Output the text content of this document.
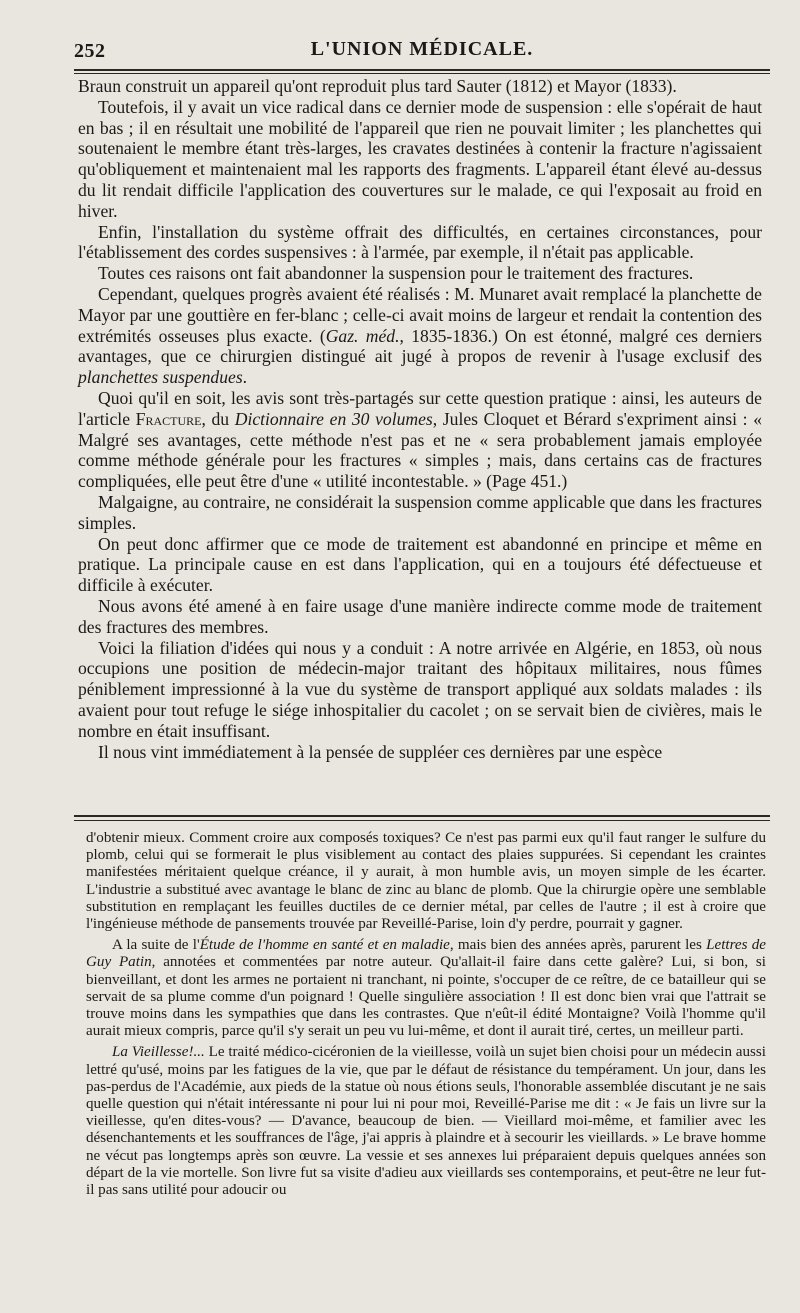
252	L'UNION MÉDICALE.

Braun construit un appareil qu'ont reproduit plus tard Sauter (1812) et Mayor (1833).

Toutefois, il y avait un vice radical dans ce dernier mode de suspension : elle s'opérait de haut en bas ; il en résultait une mobilité de l'appareil que rien ne pouvait limiter ; les planchettes qui soutenaient le membre étant très-larges, les cravates destinées à contenir la fracture n'agissaient qu'obliquement et maintenaient mal les rapports des fragments. L'appareil étant élevé au-dessus du lit rendait difficile l'application des couvertures sur le malade, ce qui l'exposait au froid en hiver.

Enfin, l'installation du système offrait des difficultés, en certaines circonstances, pour l'établissement des cordes suspensives : à l'armée, par exemple, il n'était pas applicable.

Toutes ces raisons ont fait abandonner la suspension pour le traitement des fractures.

Cependant, quelques progrès avaient été réalisés : M. Munaret avait remplacé la planchette de Mayor par une gouttière en fer-blanc ; celle-ci avait moins de largeur et rendait la contention des extrémités osseuses plus exacte. (Gaz. méd., 1835-1836.) On est étonné, malgré ces derniers avantages, que ce chirurgien distingué ait jugé à propos de revenir à l'usage exclusif des planchettes suspendues.

Quoi qu'il en soit, les avis sont très-partagés sur cette question pratique : ainsi, les auteurs de l'article Fracture, du Dictionnaire en 30 volumes, Jules Cloquet et Bérard s'expriment ainsi : « Malgré ses avantages, cette méthode n'est pas et ne « sera probablement jamais employée comme méthode générale pour les fractures « simples ; mais, dans certains cas de fractures compliquées, elle peut être d'une « utilité incontestable. » (Page 451.)

Malgaigne, au contraire, ne considérait la suspension comme applicable que dans les fractures simples.

On peut donc affirmer que ce mode de traitement est abandonné en principe et même en pratique. La principale cause en est dans l'application, qui en a toujours été défectueuse et difficile à exécuter.

Nous avons été amené à en faire usage d'une manière indirecte comme mode de traitement des fractures des membres.

Voici la filiation d'idées qui nous y a conduit : A notre arrivée en Algérie, en 1853, où nous occupions une position de médecin-major traitant des hôpitaux militaires, nous fûmes péniblement impressionné à la vue du système de transport appliqué aux soldats malades : ils avaient pour tout refuge le siége inhospitalier du cacolet ; on se servait bien de civières, mais le nombre en était insuffisant.

Il nous vint immédiatement à la pensée de suppléer ces dernières par une espèce

d'obtenir mieux. Comment croire aux composés toxiques? Ce n'est pas parmi eux qu'il faut ranger le sulfure du plomb, celui qui se formerait le plus visiblement au contact des plaies suppurées. Si cependant les craintes manifestées méritaient quelque créance, il y aurait, à mon humble avis, un moyen simple de les écarter. L'industrie a substitué avec avantage le blanc de zinc au blanc de plomb. Que la chirurgie opère une semblable substitution en remplaçant les feuilles ductiles de ce dernier métal, par celles de l'autre ; il est à croire que l'ingénieuse méthode de pansements trouvée par Reveillé-Parise, loin d'y perdre, pourrait y gagner.

A la suite de l'Étude de l'homme en santé et en maladie, mais bien des années après, parurent les Lettres de Guy Patin, annotées et commentées par notre auteur. Qu'allait-il faire dans cette galère? Lui, si bon, si bienveillant, et dont les armes ne portaient ni tranchant, ni pointe, s'occuper de ce reître, de ce batailleur qui se servait de sa plume comme d'un poignard ! Quelle singulière association ! Il est donc bien vrai que l'attrait se trouve moins dans les sympathies que dans les contrastes. Que n'eût-il édité Montaigne? Voilà l'homme qu'il aurait mieux compris, parce qu'il s'y serait un peu vu lui-même, et dont il aurait tiré, certes, un meilleur parti.

La Vieillesse!... Le traité médico-cicéronien de la vieillesse, voilà un sujet bien choisi pour un médecin aussi lettré qu'usé, moins par les fatigues de la vie, que par le défaut de résistance du tempérament. Un jour, dans les pas-perdus de l'Académie, aux pieds de la statue où nous étions seuls, l'honorable assemblée discutant je ne sais quelle question qui n'était intéressante ni pour lui ni pour moi, Reveillé-Parise me dit : « Je fais un livre sur la vieillesse, qu'en dites-vous? — D'avance, beaucoup de bien. — Vieillard moi-même, et familier avec les désenchantements et les souffrances de l'âge, j'ai appris à plaindre et à secourir les vieillards. » Le brave homme ne vécut pas longtemps après son œuvre. La vessie et ses annexes lui préparaient depuis quelques années son départ de la vie mortelle. Son livre fut sa visite d'adieu aux vieillards ses contemporains, et peut-être ne leur fut-il pas sans utilité pour adoucir ou
